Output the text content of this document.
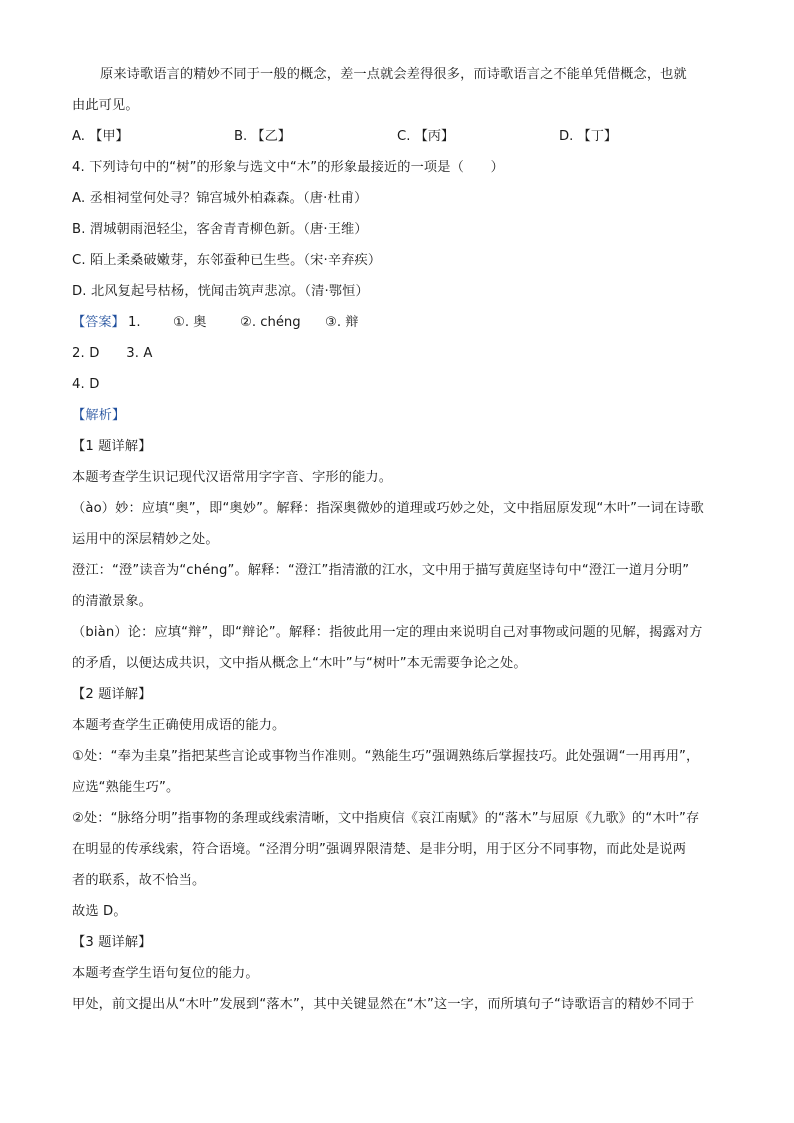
原来诗歌语言的精妙不同于一般的概念，差一点就会差得很多，而诗歌语言之不能单凭借概念，也就
由此可见。
A. 【甲】	B. 【乙】	C. 【丙】	D. 【丁】
4. 下列诗句中的“树”的形象与选文中“木”的形象最接近的一项是（　　）
A. 丞相祠堂何处寻？锦宫城外柏森森。（唐·杜甫）
B. 渭城朝雨浥轻尘，客舍青青柳色新。（唐·王维）
C. 陌上柔桑破嫩芽，东邻蚕种已生些。（宋·辛弃疾）
D. 北风复起号枯杨，恍闻击筑声悲凉。（清·鄂恒）
【答案】 1. ①. 奥	②. chéng ③. 辩
2. D　　3. A
4. D
【解析】
【1 题详解】
本题考查学生识记现代汉语常用字字音、字形的能力。
（ào）妙：应填“奥”，即“奥妙”。解释：指深奥微妙的道理或巧妙之处，文中指屈原发现“木叶”一词在诗歌
运用中的深层精妙之处。
澄江：“澄”读音为“chéng”。解释：“澄江”指清澈的江水，文中用于描写黄庭坚诗句中“澄江一道月分明”
的清澈景象。
（biàn）论：应填“辩”，即“辩论”。解释：指彼此用一定的理由来说明自己对事物或问题的见解，揭露对方
的矛盾，以便达成共识，文中指从概念上“木叶”与“树叶”本无需要争论之处。
【2 题详解】
本题考查学生正确使用成语的能力。
①处：“奉为圭臬”指把某些言论或事物当作准则。“熟能生巧”强调熟练后掌握技巧。此处强调“一用再用”，
应选“熟能生巧”。
②处：“脉络分明”指事物的条理或线索清晰，文中指庾信《哀江南赋》的“落木”与屈原《九歌》的“木叶”存
在明显的传承线索，符合语境。“泾渭分明”强调界限清楚、是非分明，用于区分不同事物，而此处是说两
者的联系，故不恰当。
故选 D。
【3 题详解】
本题考查学生语句复位的能力。
甲处，前文提出从“木叶”发展到“落木”，其中关键显然在“木”这一字，而所填句子“诗歌语言的精妙不同于
